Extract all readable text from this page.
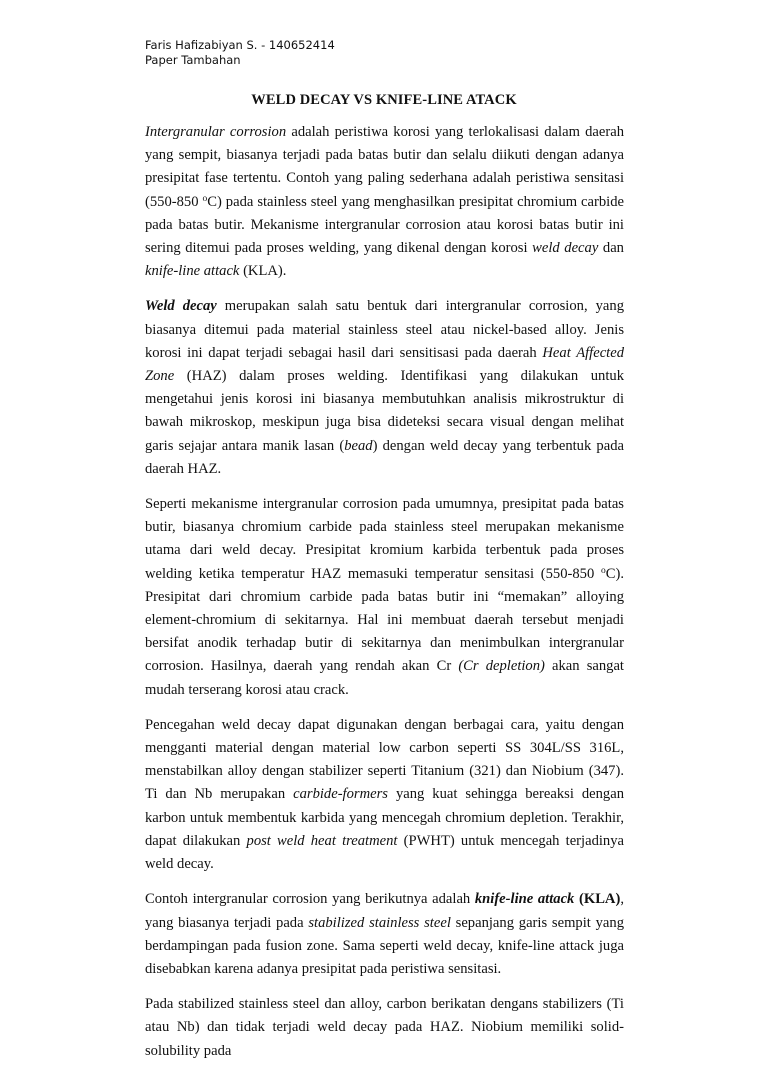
Faris Hafizabiyan S. - 140652414
Paper Tambahan
WELD DECAY VS KNIFE-LINE ATACK

Intergranular corrosion adalah peristiwa korosi yang terlokalisasi dalam daerah yang sempit, biasanya terjadi pada batas butir dan selalu diikuti dengan adanya presipitat fase tertentu. Contoh yang paling sederhana adalah peristiwa sensitasi (550-850 $^o$C) pada stainless steel yang menghasilkan presipitat chromium carbide pada batas butir. Mekanisme intergranular corrosion atau korosi batas butir ini sering ditemui pada proses welding, yang dikenal dengan korosi weld decay dan knife-line attack (KLA).

Weld decay merupakan salah satu bentuk dari intergranular corrosion, yang biasanya ditemui pada material stainless steel atau nickel-based alloy. Jenis korosi ini dapat terjadi sebagai hasil dari sensitisasi pada daerah Heat Affected Zone (HAZ) dalam proses welding. Identifikasi yang dilakukan untuk mengetahui jenis korosi ini biasanya membutuhkan analisis mikrostruktur di bawah mikroskop, meskipun juga bisa dideteksi secara visual dengan melihat garis sejajar antara manik lasan (bead) dengan weld decay yang terbentuk pada daerah HAZ.

Seperti mekanisme intergranular corrosion pada umumnya, presipitat pada batas butir, biasanya chromium carbide pada stainless steel merupakan mekanisme utama dari weld decay. Presipitat kromium karbida terbentuk pada proses welding ketika temperatur HAZ memasuki temperatur sensitasi (550-850 $^o$C). Presipitat dari chromium carbide pada batas butir ini “memakan” alloying element-chromium di sekitarnya. Hal ini membuat daerah tersebut menjadi bersifat anodik terhadap butir di sekitarnya dan menimbulkan intergranular corrosion. Hasilnya, daerah yang rendah akan Cr (Cr depletion) akan sangat mudah terserang korosi atau crack.

Pencegahan weld decay dapat digunakan dengan berbagai cara, yaitu dengan mengganti material dengan material low carbon seperti SS 304L/SS 316L, menstabilkan alloy dengan stabilizer seperti Titanium (321) dan Niobium (347). Ti dan Nb merupakan carbide-formers yang kuat sehingga bereaksi dengan karbon untuk membentuk karbida yang mencegah chromium depletion. Terakhir, dapat dilakukan post weld heat treatment (PWHT) untuk mencegah terjadinya weld decay.

Contoh intergranular corrosion yang berikutnya adalah knife-line attack (KLA), yang biasanya terjadi pada stabilized stainless steel sepanjang garis sempit yang berdampingan pada fusion zone. Sama seperti weld decay, knife-line attack juga disebabkan karena adanya presipitat pada peristiwa sensitasi.

Pada stabilized stainless steel dan alloy, carbon berikatan dengans stabilizers (Ti atau Nb) dan tidak terjadi weld decay pada HAZ. Niobium memiliki solid-solubility pada
